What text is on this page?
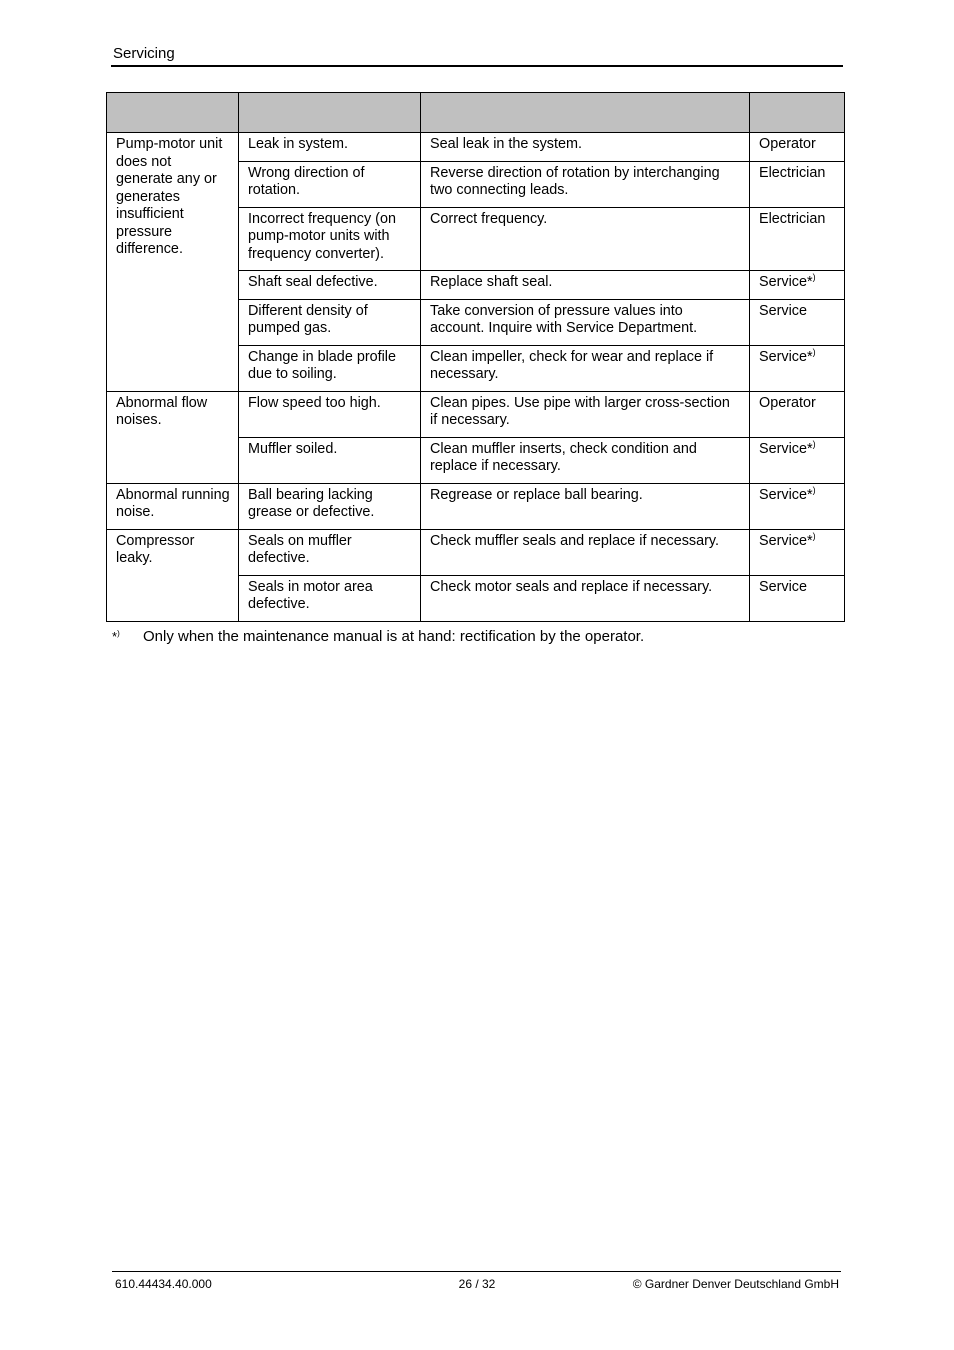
Servicing

Pump-motor unit does not generate any or generates insufficient pressure difference.	Leak in system.	Seal leak in the system.	Operator
	Wrong direction of rotation.	Reverse direction of rotation by interchanging two connecting leads.	Electrician
	Incorrect frequency (on pump-motor units with frequency converter).	Correct frequency.	Electrician
	Shaft seal defective.	Replace shaft seal.	Service*)
	Different density of pumped gas.	Take conversion of pressure values into account. Inquire with Service Department.	Service
	Change in blade profile due to soiling.	Clean impeller, check for wear and replace if necessary.	Service*)
Abnormal flow noises.	Flow speed too high.	Clean pipes. Use pipe with larger cross-section if necessary.	Operator
	Muffler soiled.	Clean muffler inserts, check condition and replace if necessary.	Service*)
Abnormal running noise.	Ball bearing lacking grease or defective.	Regrease or replace ball bearing.	Service*)
Compressor leaky.	Seals on muffler defective.	Check muffler seals and replace if necessary.	Service*)
	Seals in motor area defective.	Check motor seals and replace if necessary.	Service
*) Only when the maintenance manual is at hand: rectification by the operator.
610.44434.40.000	26 / 32	© Gardner Denver Deutschland GmbH
